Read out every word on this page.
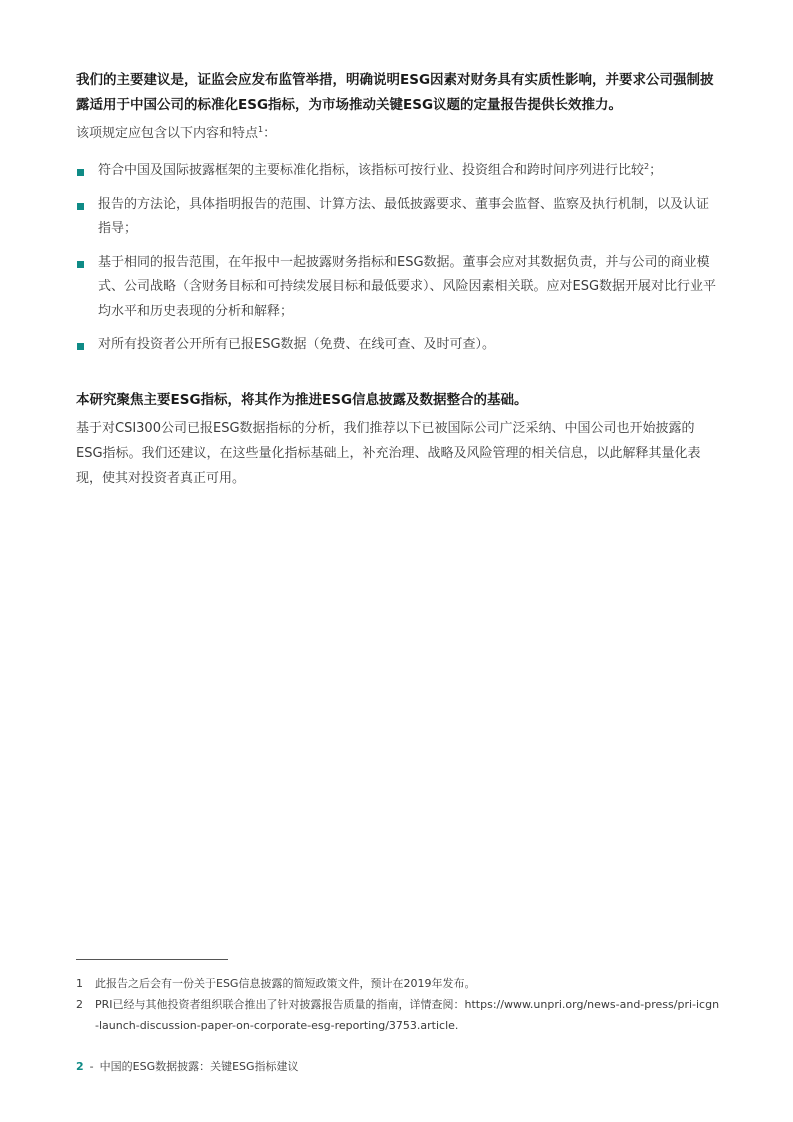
我们的主要建议是，证监会应发布监管举措，明确说明ESG因素对财务具有实质性影响，并要求公司强制披露适用于中国公司的标准化ESG指标，为市场推动关键ESG议题的定量报告提供长效推力。

该项规定应包含以下内容和特点$^1$：

符合中国及国际披露框架的主要标准化指标，该指标可按行业、投资组合和跨时间序列进行比较$^2$；
报告的方法论，具体指明报告的范围、计算方法、最低披露要求、董事会监督、监察及执行机制，以及认证指导；
基于相同的报告范围，在年报中一起披露财务指标和ESG数据。董事会应对其数据负责，并与公司的商业模式、公司战略（含财务目标和可持续发展目标和最低要求）、风险因素相关联。应对ESG数据开展对比行业平均水平和历史表现的分析和解释；
对所有投资者公开所有已报ESG数据（免费、在线可查、及时可查）。

本研究聚焦主要ESG指标，将其作为推进ESG信息披露及数据整合的基础。

基于对CSI300公司已报ESG数据指标的分析，我们推荐以下已被国际公司广泛采纳、中国公司也开始披露的ESG指标。我们还建议，在这些量化指标基础上，补充治理、战略及风险管理的相关信息，以此解释其量化表现，使其对投资者真正可用。

1	此报告之后会有一份关于ESG信息披露的简短政策文件，预计在2019年发布。
2	PRI已经与其他投资者组织联合推出了针对披露报告质量的指南，详情查阅：https://www.unpri.org/news-and-press/pri-icgn-launch-discussion-paper-on-corporate-esg-reporting/3753.article.
2 - 中国的ESG数据披露：关键ESG指标建议
